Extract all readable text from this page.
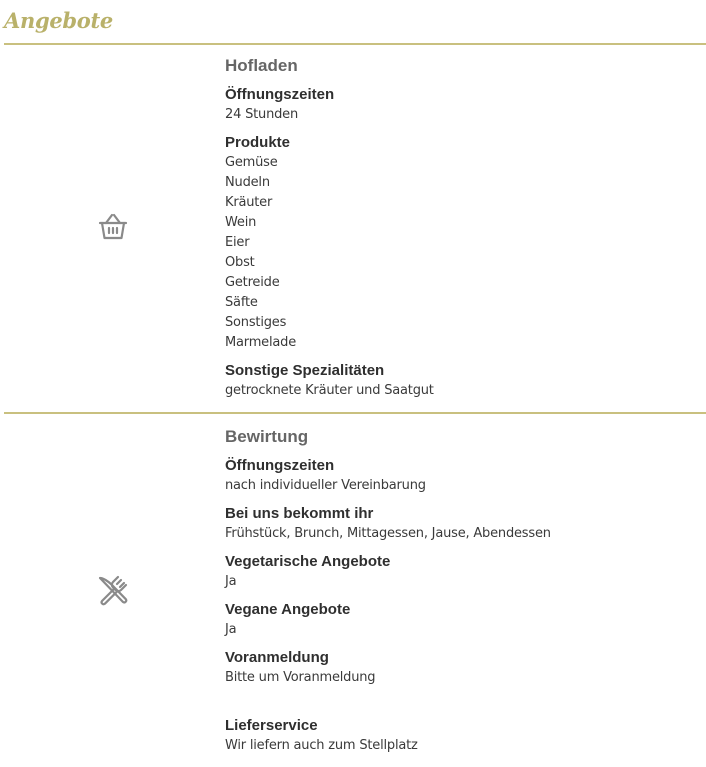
Angebote
Hofladen
Öffnungszeiten
24 Stunden
Produkte
Gemüse
Nudeln
Kräuter
Wein
Eier
Obst
Getreide
Säfte
Sonstiges
Marmelade
Sonstige Spezialitäten
getrocknete Kräuter und Saatgut
Bewirtung
Öffnungszeiten
nach individueller Vereinbarung
Bei uns bekommt ihr
Frühstück, Brunch, Mittagessen, Jause, Abendessen
Vegetarische Angebote
Ja
Vegane Angebote
Ja
Voranmeldung
Bitte um Voranmeldung
Lieferservice
Wir liefern auch zum Stellplatz
